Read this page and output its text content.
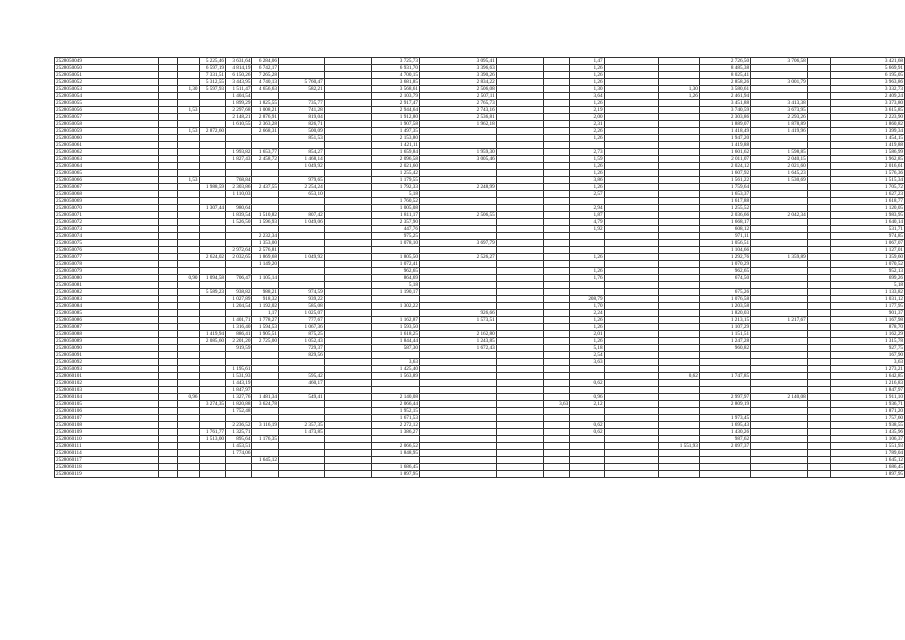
2528050049			5 225,46	3 631,64	6 284,06			3 725,73	3 095,41			1,47			2 726,50	3 706,58		3 421,68
2528050050			6 597,19	4 814,19	6 742,17			6 931,70	3 396,63			1,26			8 485,38			5 669,91
2528050051			7 331,51	6 150,26	7 265,28			4 700,15	3 390,26			1,26			8 025,41			6 195,05
2528050052			5 312,55	3 443,95	4 740,13	5 760,47		3 681,85	2 834,22			1,26			2 858,26	3 001,79		3 963,86
2528050053		1,30	5 597,93	1 511,47	4 656,63	582,21		3 568,61	2 506,08			1,30		1,30	3 580,61			3 332,73
2528050054				1 404,54				2 103,79	2 507,11			3,64		1,26	2 461,94			2 409,24
2528050055				1 899,29	1 825,55	735,77		2 917,47	2 765,73			1,26			3 451,88	3 413,38		3 373,80
2528050056		1,53		2 297,68	1 008,21	741,28		2 944,64	2 743,16			2,19			3 740,59	3 673,95		3 615,85
2528050057				2 148,21	2 876,91	819,04		1 912,80	2 536,81			2,00			2 303,86	2 293,26		2 223,90
2528050058				1 610,55	2 363,28	826,71		1 907,58	1 962,18			2,31			1 889,07	1 878,89		1 860,82
2528050059		1,53	2 872,60		2 668,31	500,09		1 497,35				2,26			1 418,49	1 419,96		1 399,34
2528050060						851,53		2 153,80				1,26			1 947,20			1 454,15
2528050061								1 421,11							1 419,88			1 419,88
2528050062				1 993,82	1 653,77	854,27		1 659,84	1 959,30			2,73			1 601,62	1 598,85		1 586,99
2528050063				1 827,43	2 458,72	1 468,14		2 096,58	3 005,46			1,59			2 011,07	2 040,15		1 962,85
2528050064						1 049,92		2 021,60				1,26			2 024,12	2 021,60		2 016,61
2528050065								1 255,42				1,26			1 607,92	1 645,23		1 576,36
2528050066		1,53		768,84		979,65		1 179,55				3,86			1 561,22	1 530,69		1 515,34
2528050067			1 988,59	2 303,86	2 437,55	2 254,24		1 792,33	2 248,99			1,26			1 759,64			1 705,72
2528050068				1 110,03		653,10		5,18				2,57			1 653,37			1 627,23
2528050069								1 760,52							1 617,88			1 618,77
2528050070			1 307,44	980,64				1 005,08				2,94			1 255,52			1 120,05
2528050071				1 839,54	1 510,82	807,42		1 811,17	2 506,55			1,87			2 036,66	2 042,34		1 983,95
2528050072				1 526,50	1 596,93	1 049,06		2 357,90				4,79			1 668,17			1 640,14
2528050073								447,76				1,92			608,12			531,71
2528050074					2 232,34			975,25							971,11			974,85
2528050075					1 353,00			1 078,10	3 697,79						1 056,51			1 067,07
2528050076				2 972,64	2 576,81										1 104,66			1 127,01
2528050077			2 624,02	2 032,65	1 869,68	1 049,92		1 805,50	2 526,27			1,26			1 292,76	1 359,89		1 359,60
2528050078					1 149,20			1 072,41							1 070,29			1 070,52
2528050079								962,65				1,26			962,65			952,13
2528050080		0,90	1 094,58	706,47	1 105,14			864,69				1,76			674,50			699,26
2528050081								5,18										5,18
2528050082			5 589,23	938,82	988,21	974,59		1 190,17							675,26			1 133,82
2528050083				1 027,89	918,32	939,22						208,79			1 076,58			1 031,12
2528050084				1 204,54	1 192,02	585,08		1 302,22				1,70			1 203,58			1 177,95
2528050085					1,17	1 025,07			926,66			2,24			1 820,03			901,37
2528050086				1 401,71	1 778,27	777,67		1 162,87	1 573,51			1,26			1 213,15	1 217,67		1 167,98
2528050087				1 316,40	1 594,53	1 067,36		1 593,50				1,26			1 107,29			878,70
2528050088			1 419,94	886,41	1 905,51	875,25		1 618,25	2 162,80			2,01			1 151,51			1 162,29
2528050089			2 085,60	2 201,20	2 725,00	1 052,43		1 844,44	1 243,85			1,26			1 247,28			1 315,78
2528050090				919,59		729,37		587,30	1 672,43			5,18			960,82			927,75
2528050091						829,56						2,54						167,90
2528050092								3,63				3,63						3,63
2528050093				1 195,61				1 425,40										1 273,21
2528060101				1 531,93		595,42		1 563,89						0,62	1 747,85			1 642,85
2528060102				1 443,19		460,17						0,62						1 216,83
2528060103				1 847,97														1 847,97
2528060104		0,96		1 327,76	1 481,34	549,41		2 140,08				0,96			2 997,97	2 140,08		1 911,10
2528060105			3 274,35	1 820,88	3 624,78			2 066,44			3,63	2,12			2 809,19			1 936,71
2528060106				1 752,48				1 952,15										1 871,20
2528060107								1 671,53							1 973,45			1 757,60
2528060108				2 236,52	3 116,19	2 357,35		2 272,12				0,62			1 695,43			1 938,55
2528060109			1 761,77	1 325,71		1 473,85		1 386,27				0,62			1 430,26			1 435,96
2528060110			1 513,00	895,64	1 176,35										987,62			1 106,37
2528060111				1 453,51				2 066,52						1 551,93	2 097,37			1 551,93
2528060114				1 774,06				1 848,95										1 789,04
2528060117					1 645,12													1 645,12
2528060118								1 686,45										1 686,45
2528060119								1 897,95										1 897,95
